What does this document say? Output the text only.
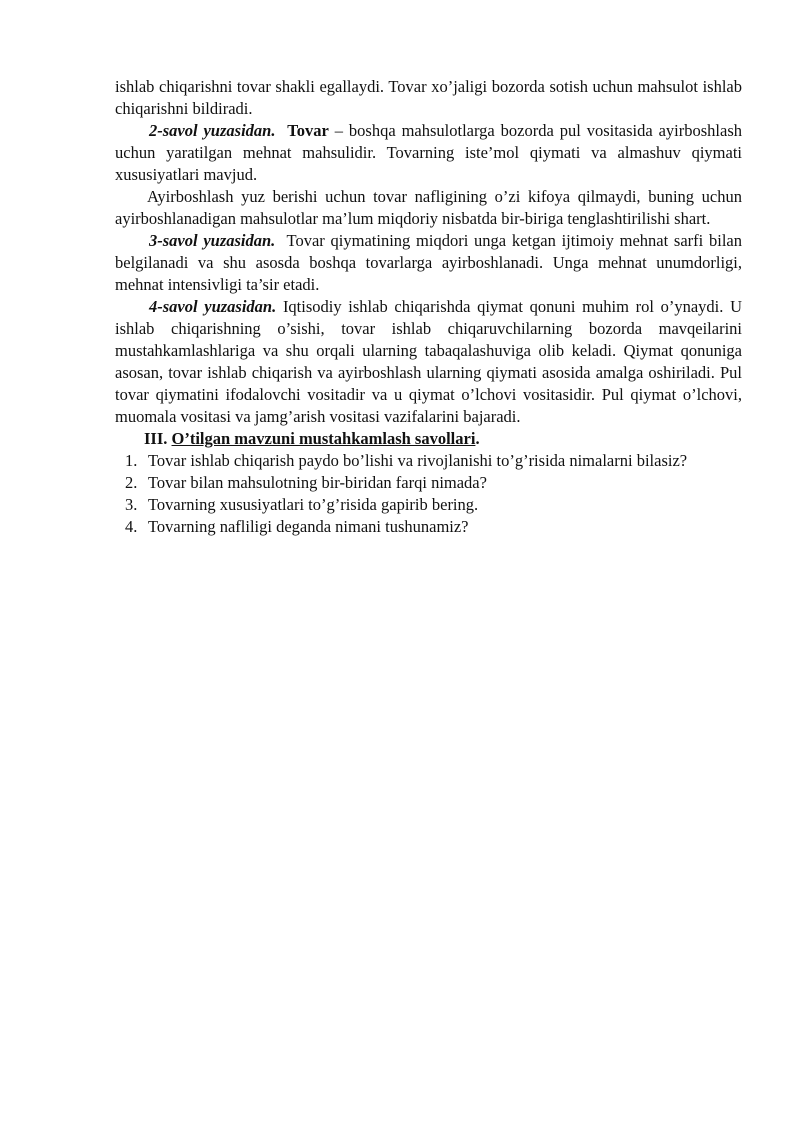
ishlab chiqarishni tovar shakli egallaydi. Tovar xo’jaligi bozorda sotish uchun mahsulot ishlab chiqarishni bildiradi.

2-savol yuzasidan. Tovar – boshqa mahsulotlarga bozorda pul vositasida ayirboshlash uchun yaratilgan mehnat mahsulidir. Tovarning iste’mol qiymati va almashuv qiymati xususiyatlari mavjud.

Ayirboshlash yuz berishi uchun tovar nafligining o’zi kifoya qilmaydi, buning uchun ayirboshlanadigan mahsulotlar ma’lum miqdoriy nisbatda bir-biriga tenglashtirilishi shart.

3-savol yuzasidan. Tovar qiymatining miqdori unga ketgan ijtimoiy mehnat sarfi bilan belgilanadi va shu asosda boshqa tovarlarga ayirboshlanadi. Unga mehnat unumdorligi, mehnat intensivligi ta’sir etadi.

4-savol yuzasidan. Iqtisodiy ishlab chiqarishda qiymat qonuni muhim rol o’ynaydi. U ishlab chiqarishning o’sishi, tovar ishlab chiqaruvchilarning bozorda mavqeilarini mustahkamlashlariga va shu orqali ularning tabaqalashuviga olib keladi. Qiymat qonuniga asosan, tovar ishlab chiqarish va ayirboshlash ularning qiymati asosida amalga oshiriladi. Pul tovar qiymatini ifodalovchi vositadir va u qiymat o’lchovi vositasidir. Pul qiymat o’lchovi, muomala vositasi va jamg’arish vositasi vazifalarini bajaradi.

III. O’tilgan mavzuni mustahkamlash savollari.

1. Tovar ishlab chiqarish paydo bo’lishi va rivojlanishi to’g’risida nimalarni bilasiz?
2. Tovar bilan mahsulotning bir-biridan farqi nimada?
3. Tovarning xususiyatlari to’g’risida gapirib bering.
4. Tovarning nafliligi deganda nimani tushunamiz?
